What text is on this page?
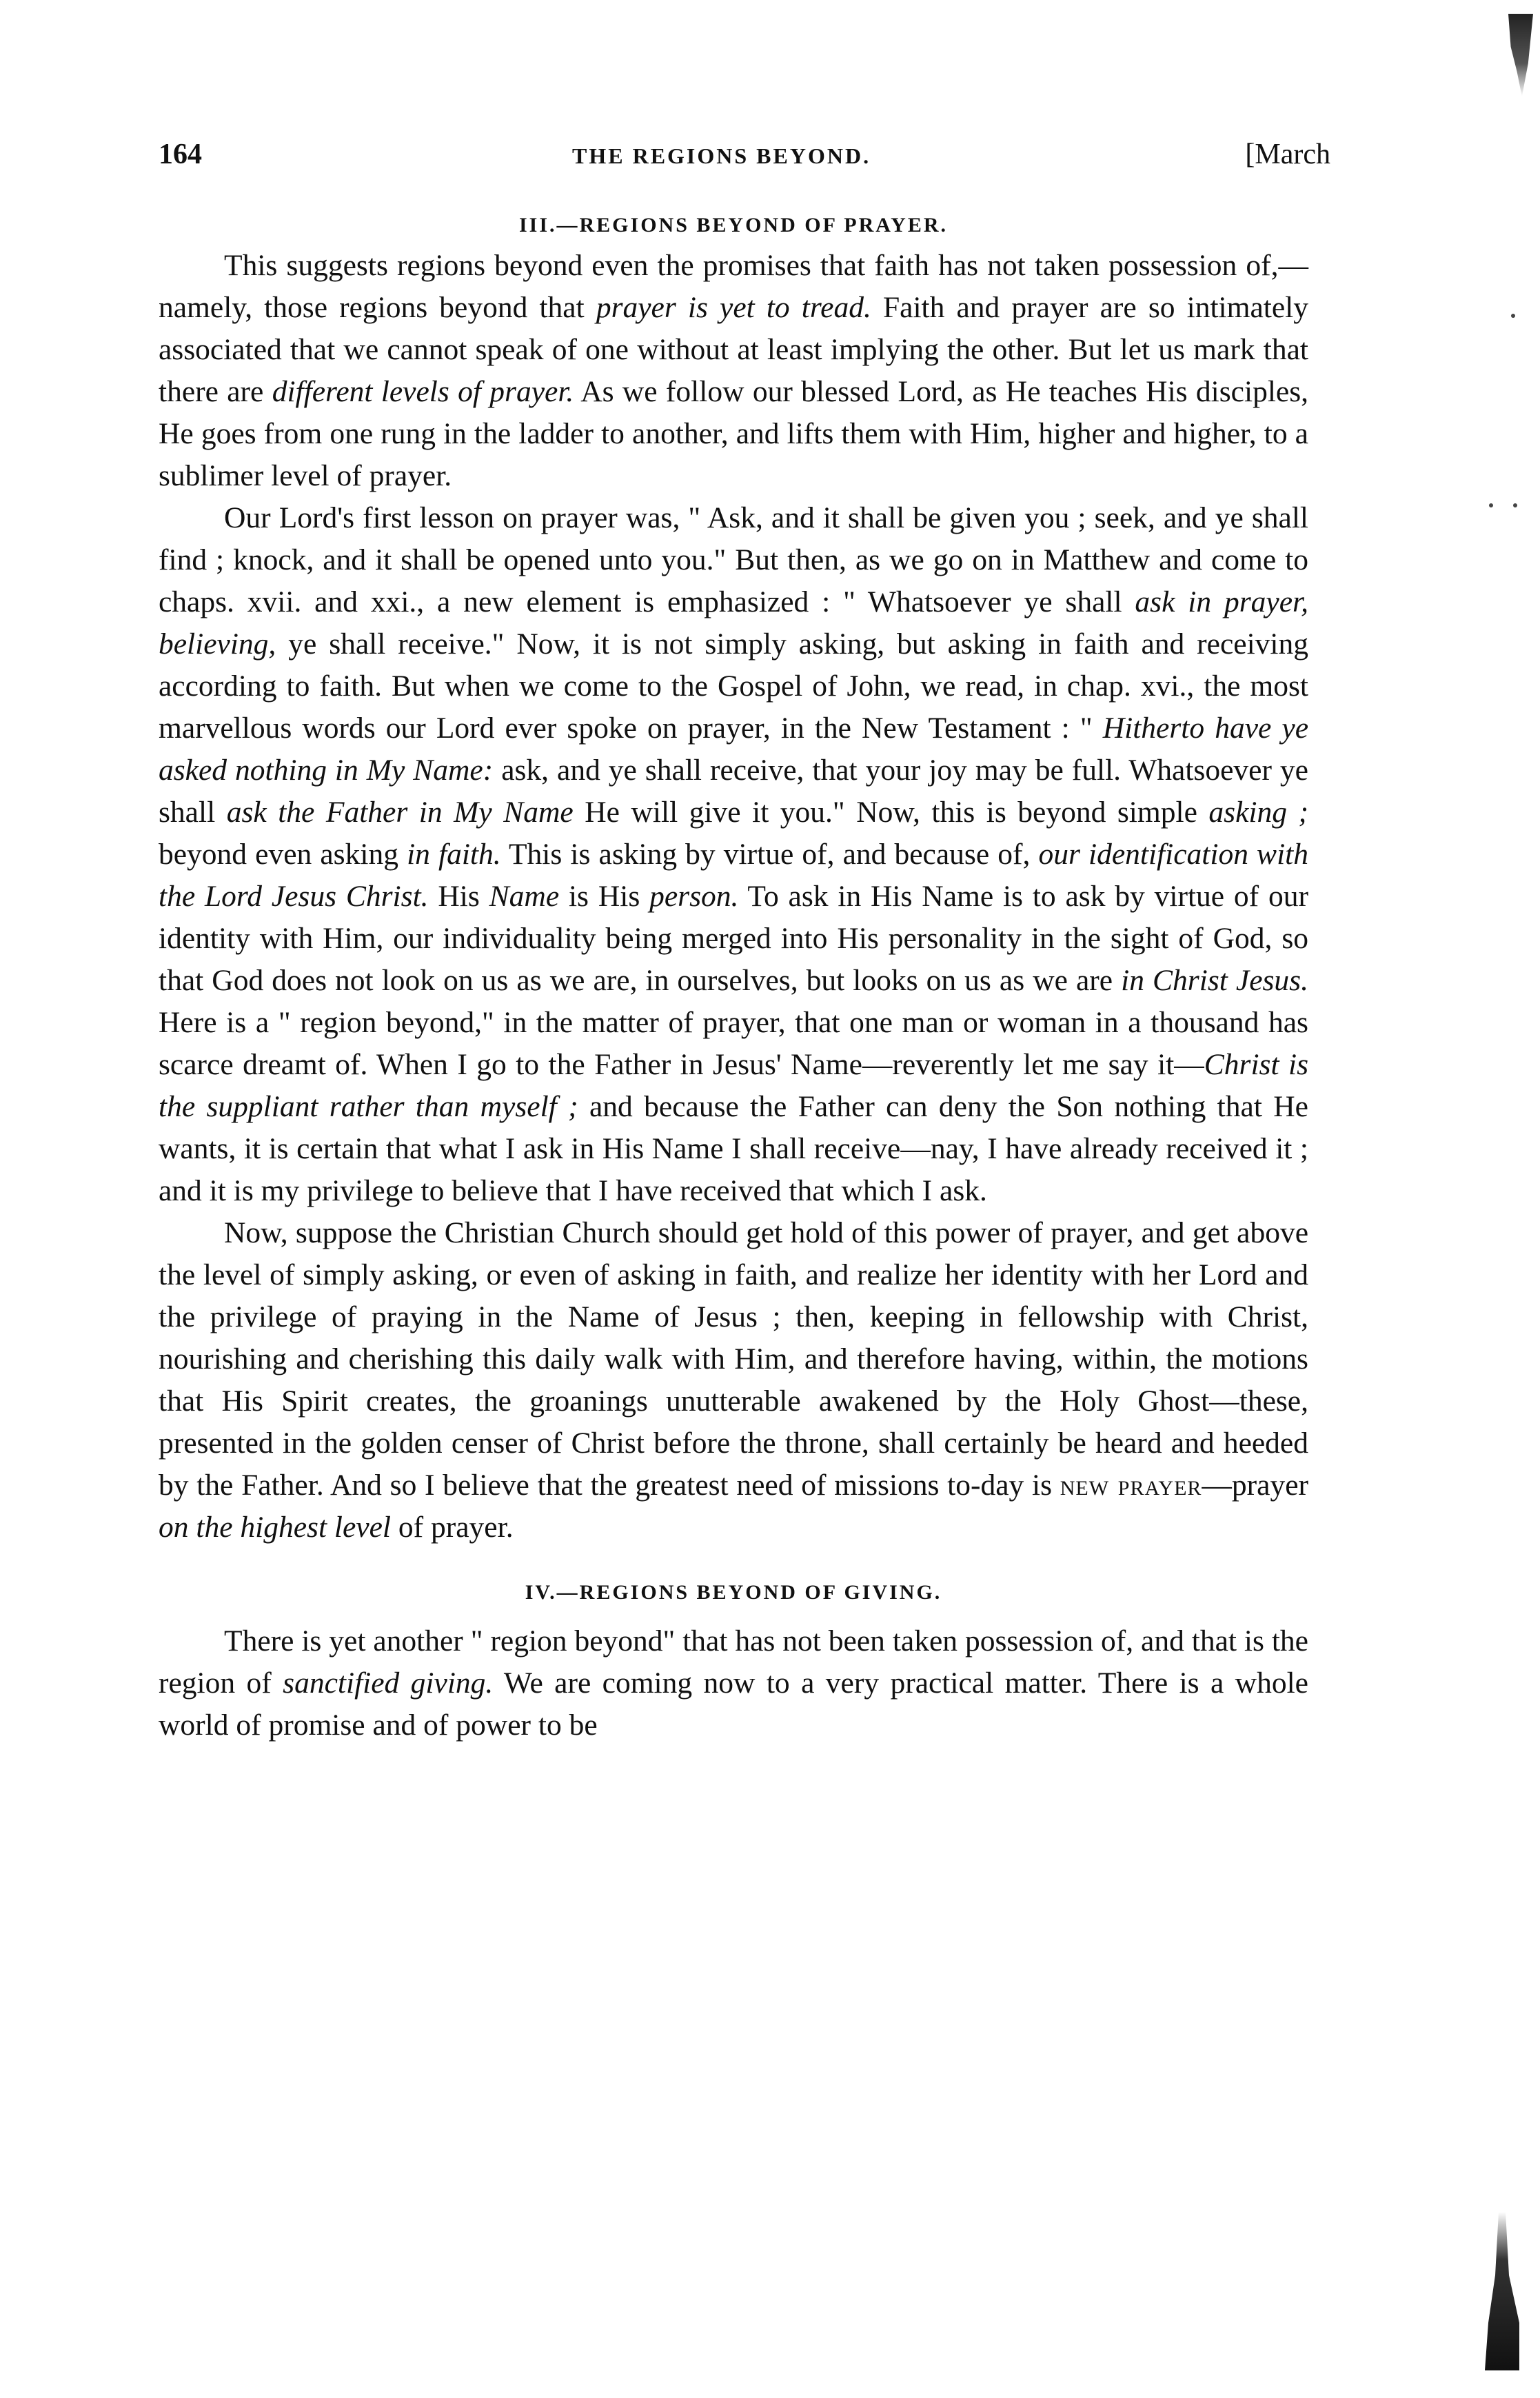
164	THE REGIONS BEYOND.	[March
III.—REGIONS BEYOND OF PRAYER.

This suggests regions beyond even the promises that faith has not taken possession of,—namely, those regions beyond that prayer is yet to tread. Faith and prayer are so intimately associated that we cannot speak of one without at least implying the other. But let us mark that there are different levels of prayer. As we follow our blessed Lord, as He teaches His disciples, He goes from one rung in the ladder to another, and lifts them with Him, higher and higher, to a sublimer level of prayer.

Our Lord's first lesson on prayer was, " Ask, and it shall be given you ; seek, and ye shall find ; knock, and it shall be opened unto you." But then, as we go on in Matthew and come to chaps. xvii. and xxi., a new element is emphasized : " Whatsoever ye shall ask in prayer, believing, ye shall receive." Now, it is not simply asking, but asking in faith and receiving according to faith. But when we come to the Gospel of John, we read, in chap. xvi., the most marvellous words our Lord ever spoke on prayer, in the New Testament : " Hitherto have ye asked nothing in My Name: ask, and ye shall receive, that your joy may be full. Whatsoever ye shall ask the Father in My Name He will give it you." Now, this is beyond simple asking ; beyond even asking in faith. This is asking by virtue of, and because of, our identification with the Lord Jesus Christ. His Name is His person. To ask in His Name is to ask by virtue of our identity with Him, our individuality being merged into His personality in the sight of God, so that God does not look on us as we are, in ourselves, but looks on us as we are in Christ Jesus. Here is a " region beyond," in the matter of prayer, that one man or woman in a thousand has scarce dreamt of. When I go to the Father in Jesus' Name—reverently let me say it—Christ is the suppliant rather than myself ; and because the Father can deny the Son nothing that He wants, it is certain that what I ask in His Name I shall receive—nay, I have already received it ; and it is my privilege to believe that I have received that which I ask.

Now, suppose the Christian Church should get hold of this power of prayer, and get above the level of simply asking, or even of asking in faith, and realize her identity with her Lord and the privilege of praying in the Name of Jesus ; then, keeping in fellowship with Christ, nourishing and cherishing this daily walk with Him, and therefore having, within, the motions that His Spirit creates, the groanings unutterable awakened by the Holy Ghost—these, presented in the golden censer of Christ before the throne, shall certainly be heard and heeded by the Father. And so I believe that the greatest need of missions to-day is new prayer—prayer on the highest level of prayer.

IV.—REGIONS BEYOND OF GIVING.

There is yet another " region beyond" that has not been taken possession of, and that is the region of sanctified giving. We are coming now to a very practical matter. There is a whole world of promise and of power to be
